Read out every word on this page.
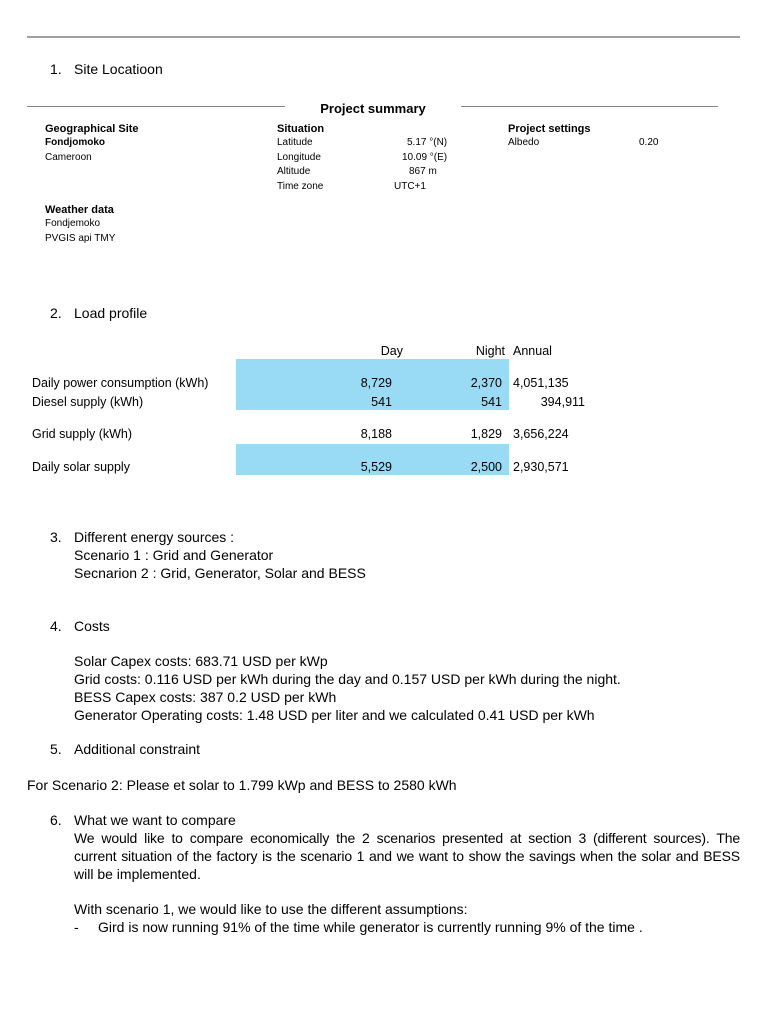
1. Site Locatioon
Project summary
Geographical Site
Fondjomoko
Cameroon
Weather data
Fondjemoko
PVGIS api TMY
Situation
Latitude	5.17 °(N)
Longitude	10.09 °(E)
Altitude	867 m
Time zone	UTC+1
Project settings
Albedo	0.20
2. Load profile
Day	Night Annual
Daily power consumption (kWh)	8,729	2,370 4,051,135
Diesel supply (kWh)	541	541	394,911
Grid supply (kWh)	8,188	1,829 3,656,224
Daily solar supply	5,529	2,500 2,930,571
3. Different energy sources :
Scenario 1 : Grid and Generator
Secnarion 2 : Grid, Generator, Solar and BESS
4. Costs
Solar Capex costs: 683.71 USD per kWp
Grid costs: 0.116 USD per kWh during the day and 0.157 USD per kWh during the night.
BESS Capex costs: 387 0.2 USD per kWh
Generator Operating costs: 1.48 USD per liter and we calculated 0.41 USD per kWh
5. Additional constraint
For Scenario 2: Please et solar to 1.799 kWp and BESS to 2580 kWh
6. What we want to compare
We would like to compare economically the 2 scenarios presented at section 3 (different sources). The
current situation of the factory is the scenario 1 and we want to show the savings when the solar and BESS
will be implemented.
With scenario 1, we would like to use the different assumptions:
- Gird is now running 91% of the time while generator is currently running 9% of the time .
